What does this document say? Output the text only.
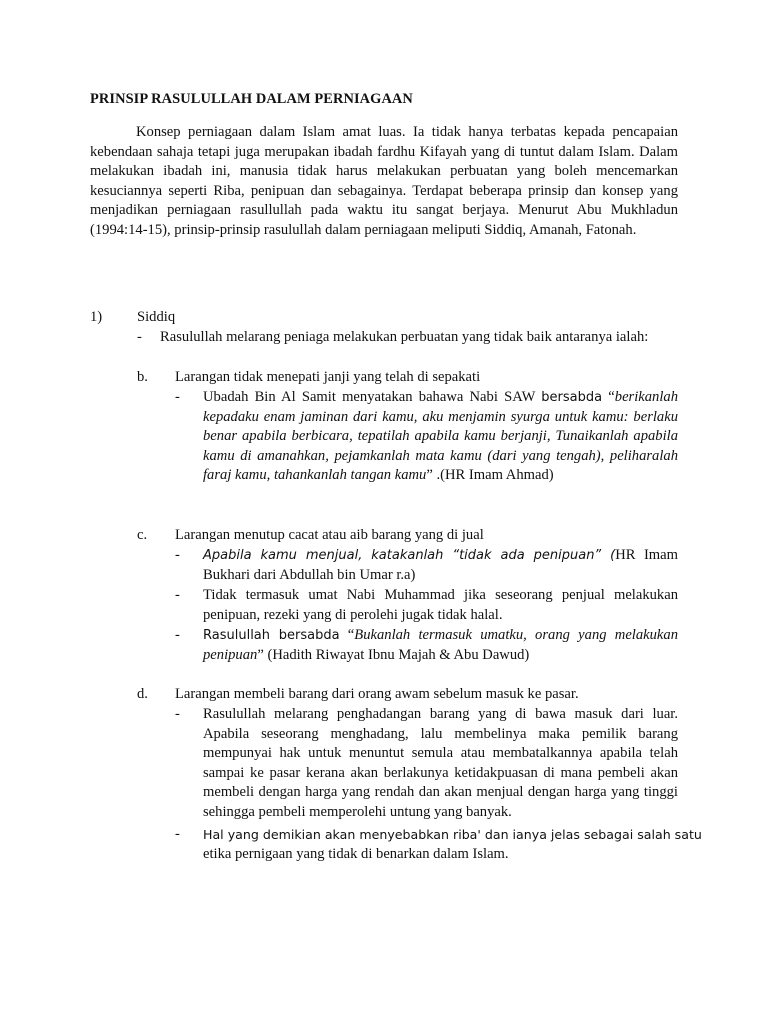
PRINSIP RASULULLAH DALAM PERNIAGAAN

Konsep perniagaan dalam Islam amat luas. Ia tidak hanya terbatas kepada pencapaian kebendaan sahaja tetapi juga merupakan ibadah fardhu Kifayah yang di tuntut dalam Islam. Dalam melakukan ibadah ini, manusia tidak harus melakukan perbuatan yang boleh mencemarkan kesuciannya seperti Riba, penipuan dan sebagainya. Terdapat beberapa prinsip dan konsep yang menjadikan perniagaan rasullullah pada waktu itu sangat berjaya. Menurut Abu Mukhladun (1994:14-15), prinsip-prinsip rasulullah dalam perniagaan meliputi Siddiq, Amanah, Fatonah.

1) Siddiq
- Rasulullah melarang peniaga melakukan perbuatan yang tidak baik antaranya ialah:
b. Larangan tidak menepati janji yang telah di sepakati
- Ubadah Bin Al Samit menyatakan bahawa Nabi SAW bersabda “berikanlah kepadaku enam jaminan dari kamu, aku menjamin syurga untuk kamu: berlaku benar apabila berbicara, tepatilah apabila kamu berjanji, Tunaikanlah apabila kamu di amanahkan, pejamkanlah mata kamu (dari yang tengah), peliharalah faraj kamu, tahankanlah tangan kamu” .(HR Imam Ahmad)
c. Larangan menutup cacat atau aib barang yang di jual
- Apabila kamu menjual, katakanlah “tidak ada penipuan” (HR Imam Bukhari dari Abdullah bin Umar r.a)
- Tidak termasuk umat Nabi Muhammad jika seseorang penjual melakukan penipuan, rezeki yang di perolehi jugak tidak halal.
- Rasulullah bersabda “Bukanlah termasuk umatku, orang yang melakukan penipuan” (Hadith Riwayat Ibnu Majah & Abu Dawud)
d. Larangan membeli barang dari orang awam sebelum masuk ke pasar.
- Rasulullah melarang penghadangan barang yang di bawa masuk dari luar. Apabila seseorang menghadang, lalu membelinya maka pemilik barang mempunyai hak untuk menuntut semula atau membatalkannya apabila telah sampai ke pasar kerana akan berlakunya ketidakpuasan di mana pembeli akan membeli dengan harga yang rendah dan akan menjual dengan harga yang tinggi sehingga pembeli memperolehi untung yang banyak.
- Hal yang demikian akan menyebabkan riba' dan ianya jelas sebagai salah satu
etika pernigaan yang tidak di benarkan dalam Islam.
